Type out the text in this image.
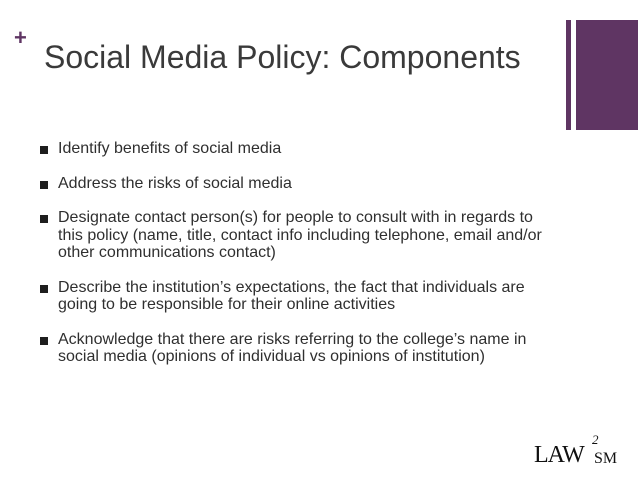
+
Social Media Policy: Components
Identify benefits of social media
Address the risks of social media
Designate contact person(s) for people to consult with in regards to this policy (name, title, contact info including telephone, email and/or other communications contact)
Describe the institution’s expectations, the fact that individuals are going to be responsible for their online activities
Acknowledge that there are risks referring to the college’s name in social media (opinions of individual vs opinions of institution)
LAW
2
SM
